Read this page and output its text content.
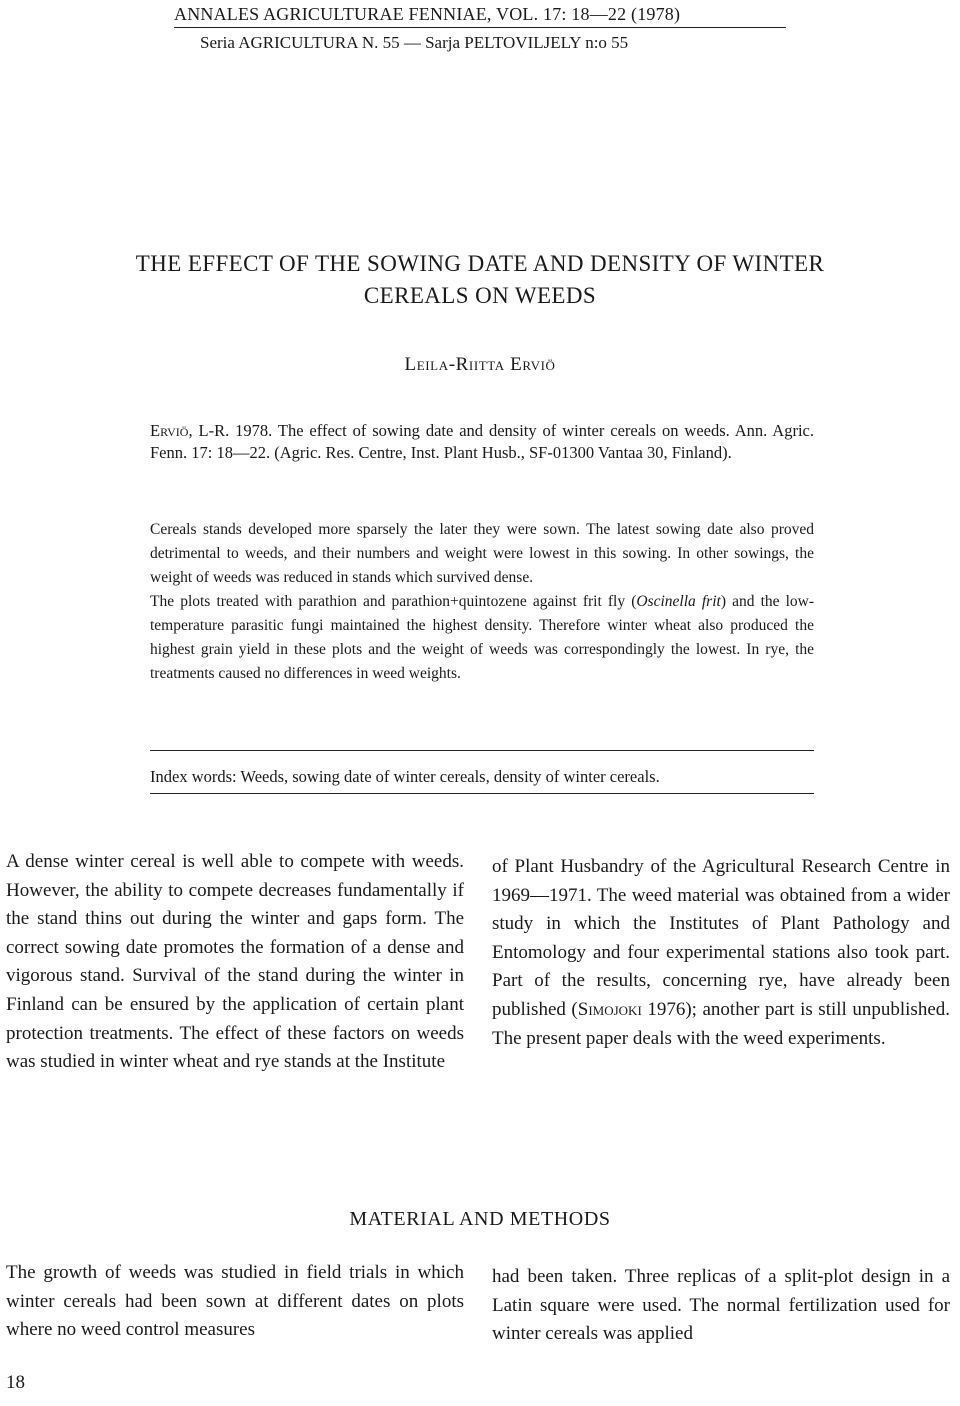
ANNALES AGRICULTURAE FENNIAE, VOL. 17: 18—22 (1978)
Seria AGRICULTURA N. 55 — Sarja PELTOVILJELY n:o 55
THE EFFECT OF THE SOWING DATE AND DENSITY OF WINTER
CEREALS ON WEEDS
Leila-Riitta Erviö
Erviö, L-R. 1978. The effect of sowing date and density of winter cereals on weeds. Ann. Agric. Fenn. 17: 18—22. (Agric. Res. Centre, Inst. Plant Husb., SF-01300 Vantaa 30, Finland).

Cereals stands developed more sparsely the later they were sown. The latest sowing date also proved detrimental to weeds, and their numbers and weight were lowest in this sowing. In other sowings, the weight of weeds was reduced in stands which survived dense.

The plots treated with parathion and parathion+quintozene against frit fly (Oscinella frit) and the low-temperature parasitic fungi maintained the highest density. Therefore winter wheat also produced the highest grain yield in these plots and the weight of weeds was correspondingly the lowest. In rye, the treatments caused no differences in weed weights.

Index words: Weeds, sowing date of winter cereals, density of winter cereals.

A dense winter cereal is well able to compete with weeds. However, the ability to compete decreases fundamentally if the stand thins out during the winter and gaps form. The correct sowing date promotes the formation of a dense and vigorous stand. Survival of the stand during the winter in Finland can be ensured by the application of certain plant protection treatments. The effect of these factors on weeds was studied in winter wheat and rye stands at the Institute

of Plant Husbandry of the Agricultural Research Centre in 1969—1971. The weed material was obtained from a wider study in which the Institutes of Plant Pathology and Entomology and four experimental stations also took part. Part of the results, concerning rye, have already been published (Simojoki 1976); another part is still unpublished. The present paper deals with the weed experiments.

MATERIAL AND METHODS

The growth of weeds was studied in field trials in which winter cereals had been sown at different dates on plots where no weed control measures

had been taken. Three replicas of a split-plot design in a Latin square were used. The normal fertilization used for winter cereals was applied

18
